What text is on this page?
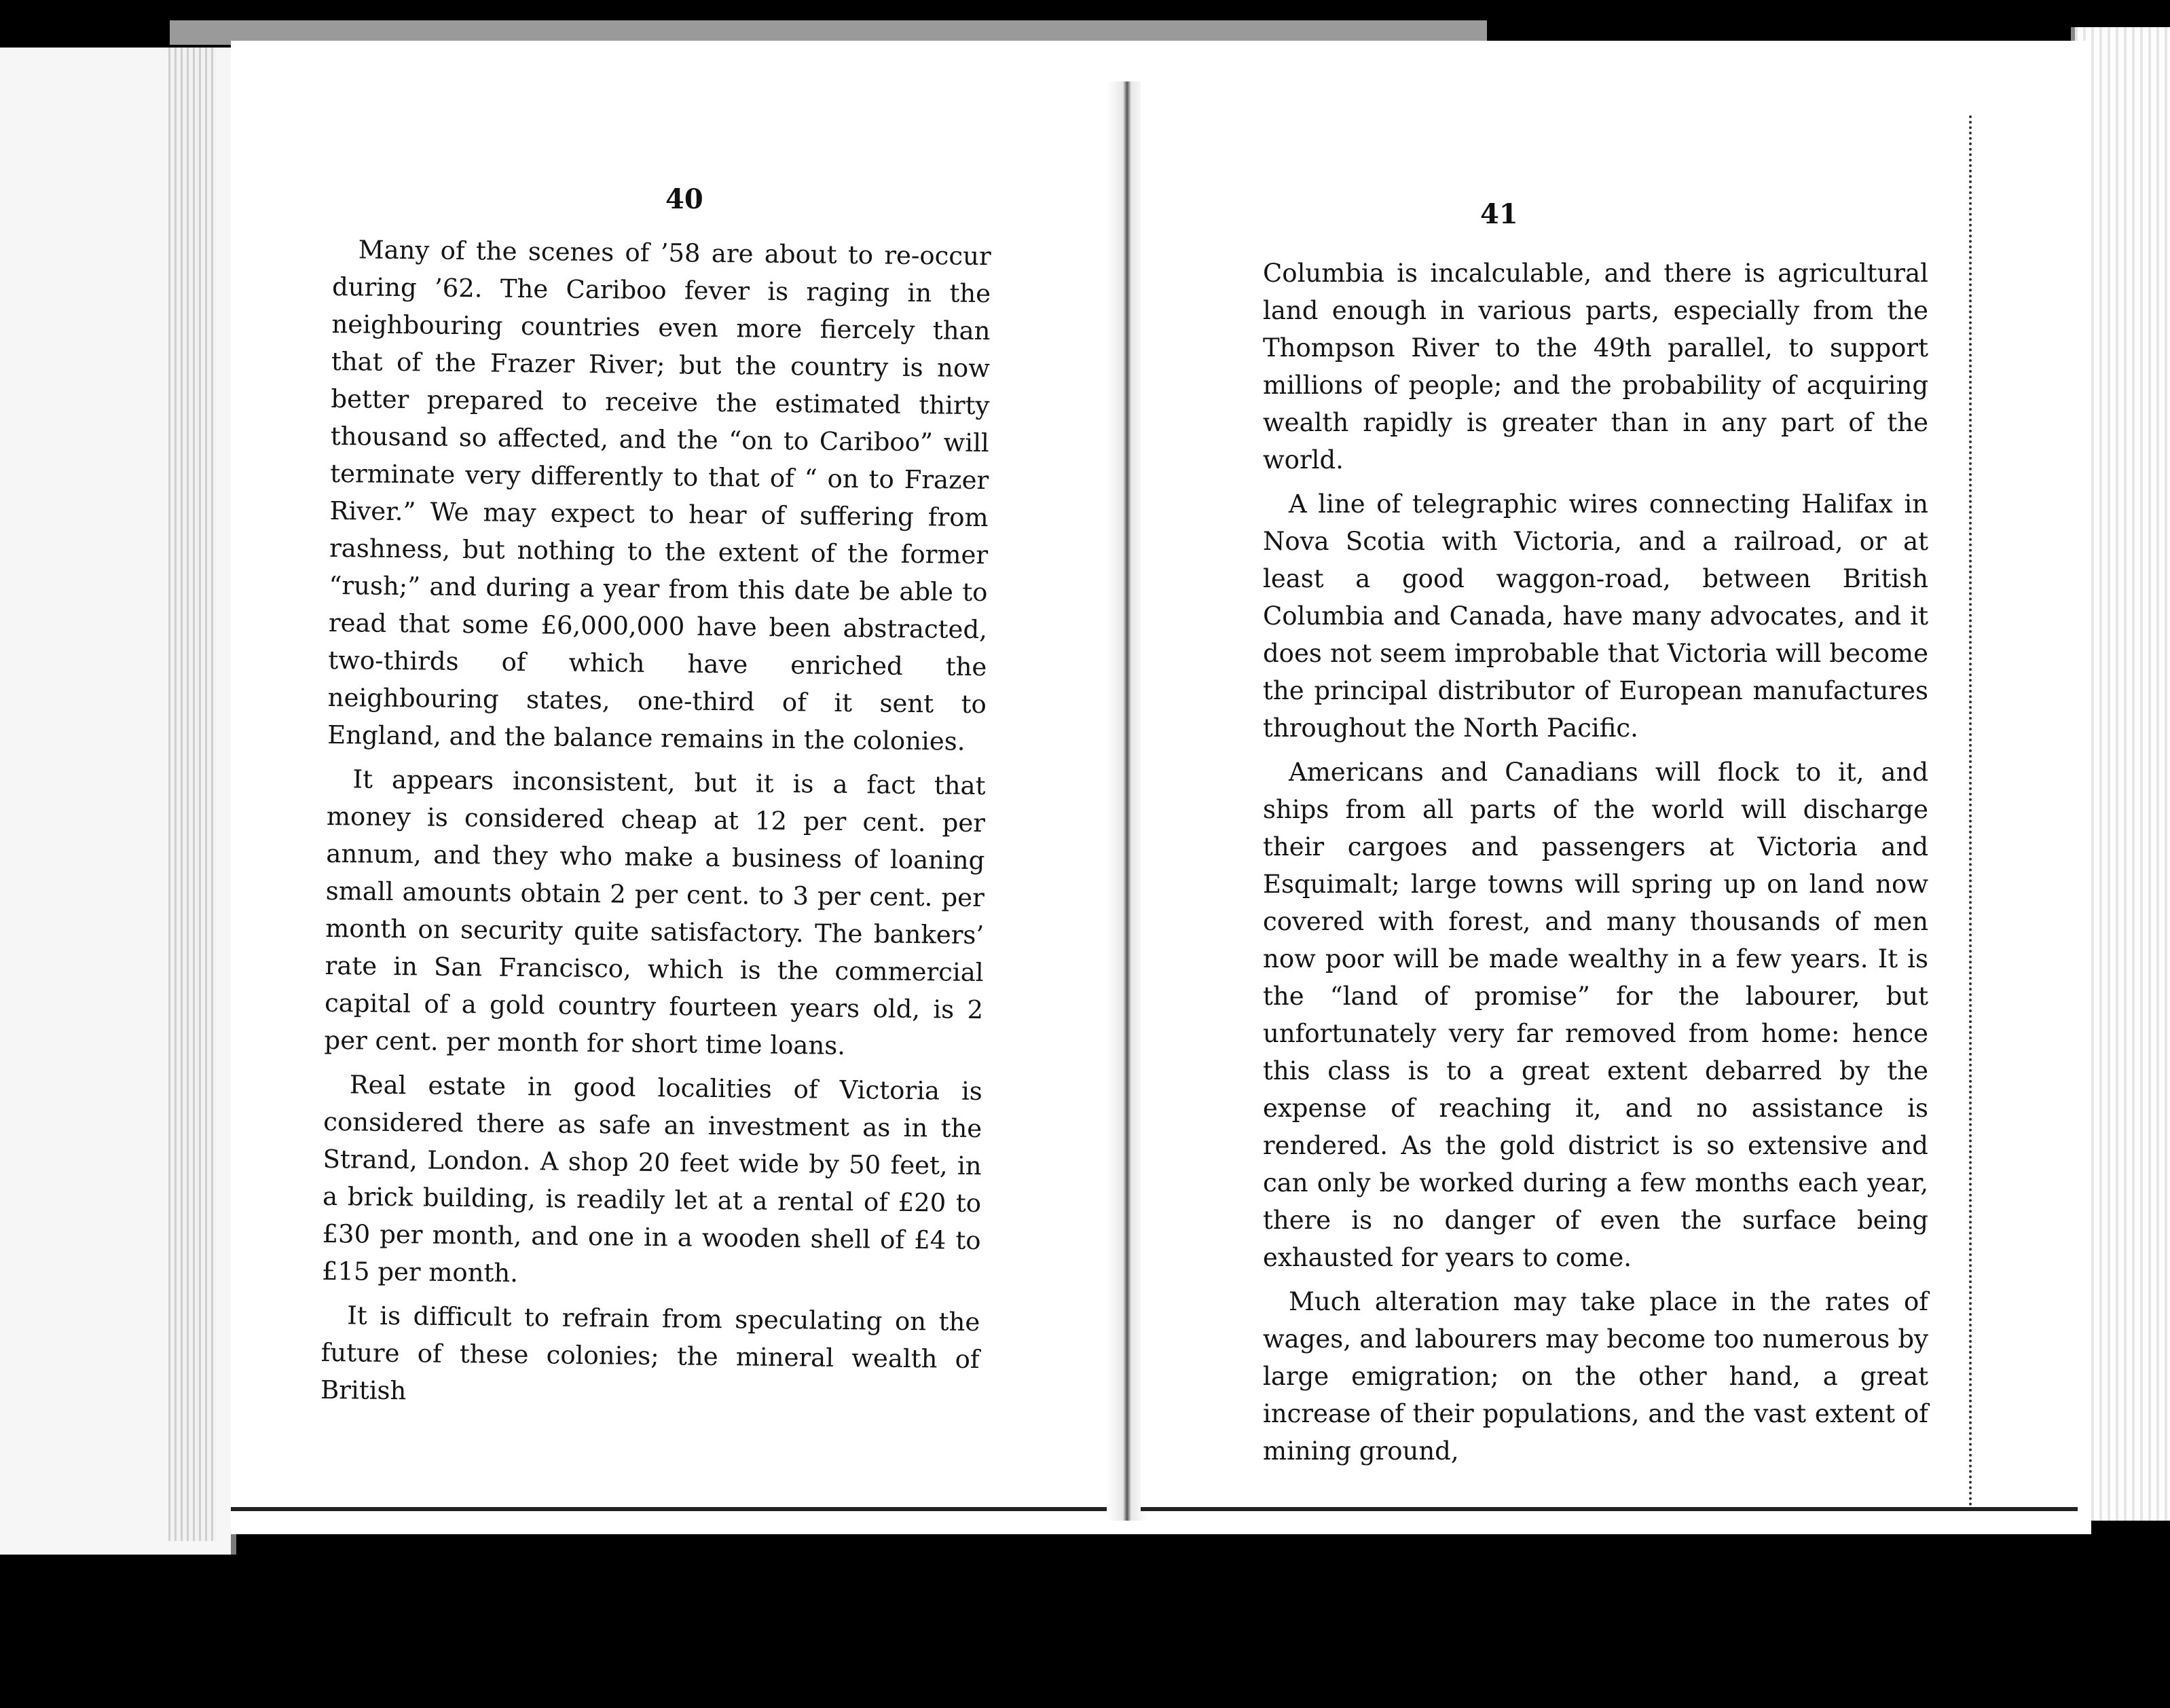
40

Many of the scenes of ’58 are about to re-occur during ’62. The Cariboo fever is raging in the neighbouring countries even more fiercely than that of the Frazer River; but the country is now better prepared to receive the estimated thirty thousand so affected, and the “on to Cariboo” will terminate very differently to that of “ on to Frazer River.” We may expect to hear of suffering from rashness, but nothing to the extent of the former “rush;” and during a year from this date be able to read that some £6,000,000 have been abstracted, two-thirds of which have enriched the neighbouring states, one-third of it sent to England, and the balance remains in the colonies.

It appears inconsistent, but it is a fact that money is considered cheap at 12 per cent. per annum, and they who make a business of loaning small amounts obtain 2 per cent. to 3 per cent. per month on security quite satisfactory. The bankers’ rate in San Francisco, which is the commercial capital of a gold country fourteen years old, is 2 per cent. per month for short time loans.

Real estate in good localities of Victoria is considered there as safe an investment as in the Strand, London. A shop 20 feet wide by 50 feet, in a brick building, is readily let at a rental of £20 to £30 per month, and one in a wooden shell of £4 to £15 per month.

It is difficult to refrain from speculating on the future of these colonies; the mineral wealth of British

41

Columbia is incalculable, and there is agricultural land enough in various parts, especially from the Thompson River to the 49th parallel, to support millions of people; and the probability of acquiring wealth rapidly is greater than in any part of the world.

A line of telegraphic wires connecting Halifax in Nova Scotia with Victoria, and a railroad, or at least a good waggon-road, between British Columbia and Canada, have many advocates, and it does not seem improbable that Victoria will become the principal distributor of European manufactures throughout the North Pacific.

Americans and Canadians will flock to it, and ships from all parts of the world will discharge their cargoes and passengers at Victoria and Esquimalt; large towns will spring up on land now covered with forest, and many thousands of men now poor will be made wealthy in a few years. It is the “land of promise” for the labourer, but unfortunately very far removed from home: hence this class is to a great extent debarred by the expense of reaching it, and no assistance is rendered. As the gold district is so extensive and can only be worked during a few months each year, there is no danger of even the surface being exhausted for years to come.

Much alteration may take place in the rates of wages, and labourers may become too numerous by large emigration; on the other hand, a great increase of their populations, and the vast extent of mining ground,
